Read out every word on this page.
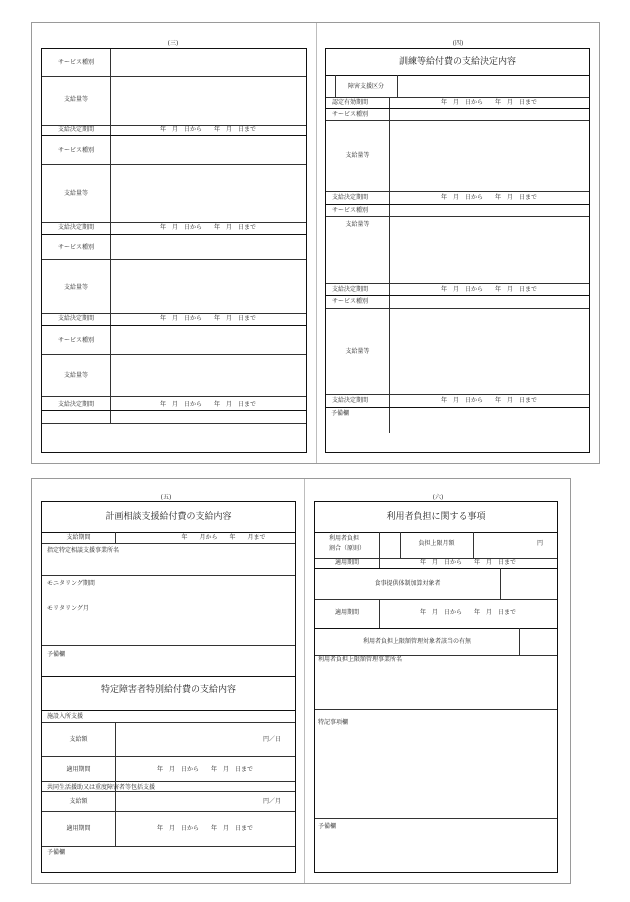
(三)
サービス種別
支給量等
支給決定期間	年　月　日から　　年　月　日まで
サービス種別
支給量等
支給決定期間	年　月　日から　　年　月　日まで
サービス種別
支給量等
支給決定期間	年　月　日から　　年　月　日まで
サービス種別
支給量等
支給決定期間	年　月　日から　　年　月　日まで
(四)
訓練等給付費の支給決定内容
障害支援区分
認定有効期間	年　月　日から　　年　月　日まで
サービス種別
支給量等
支給決定期間	年　月　日から　　年　月　日まで
サービス種別
支給量等
支給決定期間	年　月　日から　　年　月　日まで
サービス種別
支給量等
支給決定期間	年　月　日から　　年　月　日まで
予備欄
(五)
計画相談支援給付費の支給内容
支給期間	年　　月から　　年　　月まで
指定特定相談支援事業所名
モニタリング期間
モリタリング月
予備欄
特定障害者特別給付費の支給内容
施設入所支援
支給額	円／日
適用期間	年　月　日から　　年　月　日まで
共同生活援助又は重度障害者等包括支援
支給額	円／月
適用期間	年　月　日から　　年　月　日まで
予備欄
(六)
利用者負担に関する事項
利用者負担
割合（原則）
負担上限月額	円
適用期間	年　月　日から　　年　月　日まで
食事提供体制加算対象者
適用期間	年　月　日から　　年　月　日まで
利用者負担上限額管理対象者該当の有無
利用者負担上限額管理事業所名
特記事項欄
予備欄
